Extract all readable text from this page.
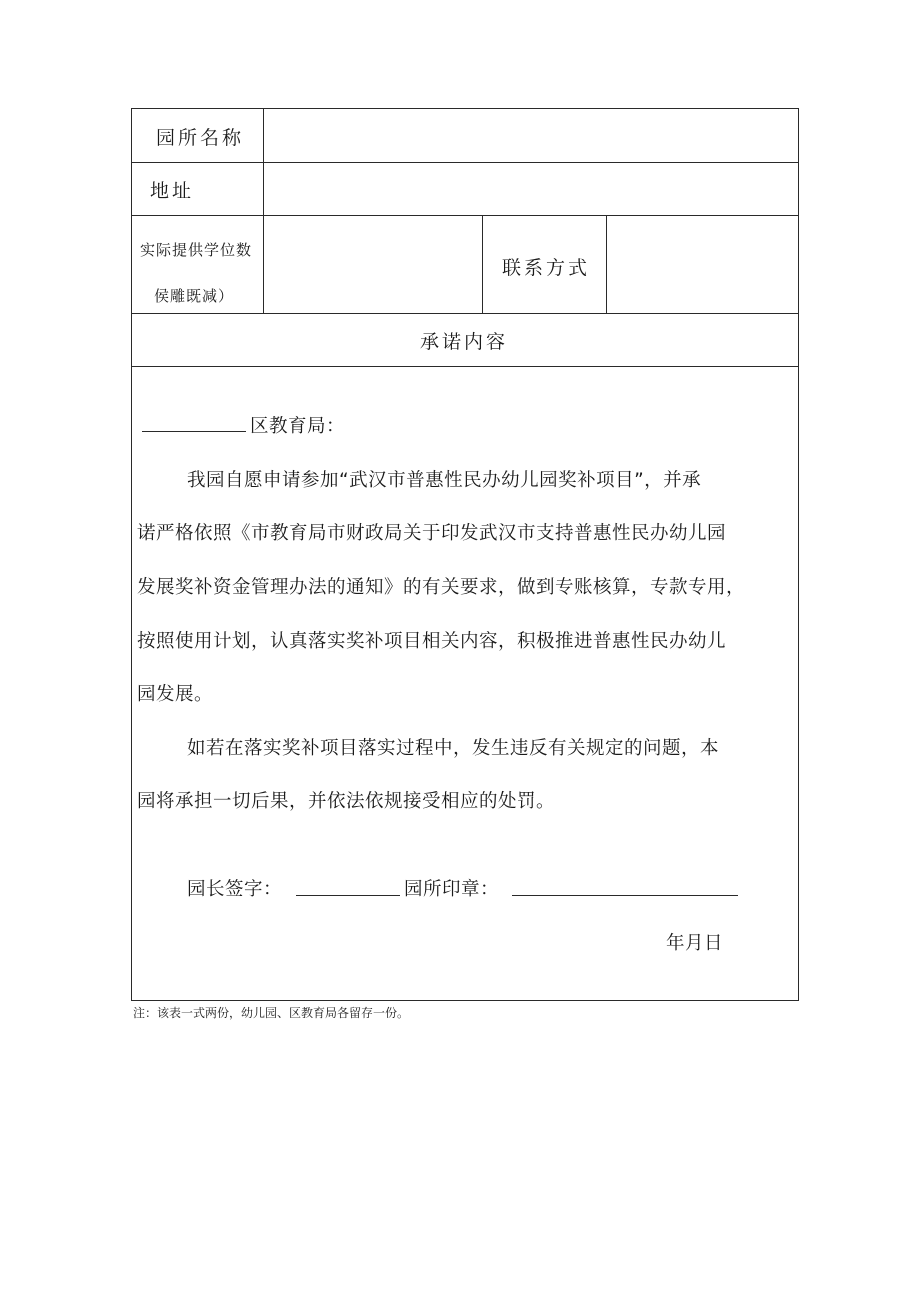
园所名称
地址
实际提供学位数
侯雕既减）
联系方式
承诺内容
区教育局：
我园自愿申请参加“武汉市普惠性民办幼儿园奖补项目”，并承
诺严格依照《市教育局市财政局关于印发武汉市支持普惠性民办幼儿园
发展奖补资金管理办法的通知》的有关要求，做到专账核算，专款专用，
按照使用计划，认真落实奖补项目相关内容，积极推进普惠性民办幼儿
园发展。
如若在落实奖补项目落实过程中，发生违反有关规定的问题，本
园将承担一切后果，并依法依规接受相应的处罚。
园长签字：	园所印章：
年月日
注：该表一式两份，幼儿园、区教育局各留存一份。
